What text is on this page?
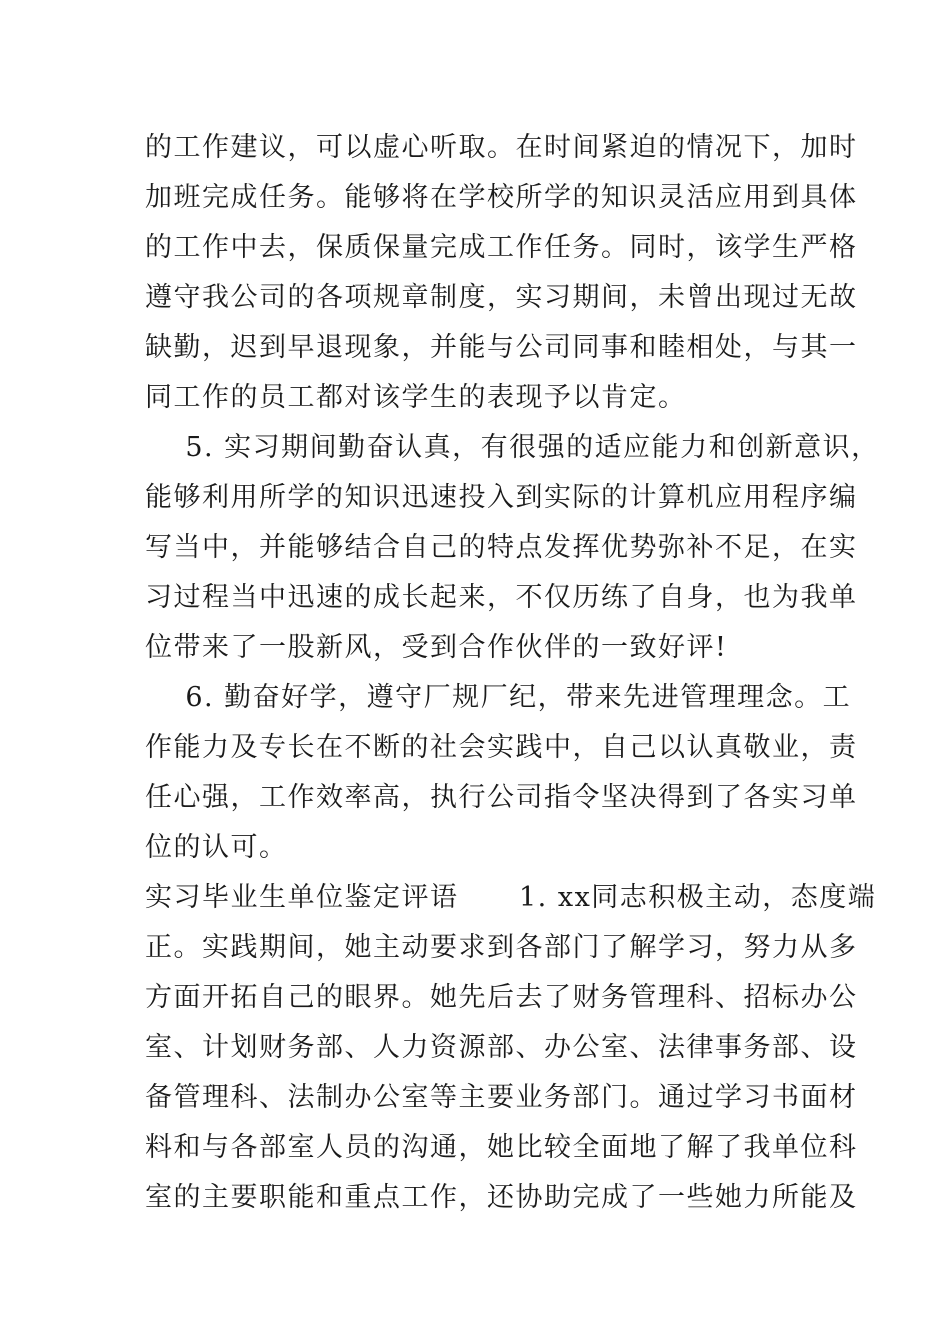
的工作建议，可以虚心听取。在时间紧迫的情况下，加时
加班完成任务。能够将在学校所学的知识灵活应用到具体
的工作中去，保质保量完成工作任务。同时，该学生严格
遵守我公司的各项规章制度，实习期间，未曾出现过无故
缺勤，迟到早退现象，并能与公司同事和睦相处，与其一
同工作的员工都对该学生的表现予以肯定。
5. 实习期间勤奋认真，有很强的适应能力和创新意识，
能够利用所学的知识迅速投入到实际的计算机应用程序编
写当中，并能够结合自己的特点发挥优势弥补不足，在实
习过程当中迅速的成长起来，不仅历练了自身，也为我单
位带来了一股新风，受到合作伙伴的一致好评!
6. 勤奋好学，遵守厂规厂纪，带来先进管理理念。工
作能力及专长在不断的社会实践中，自己以认真敬业，责
任心强，工作效率高，执行公司指令坚决得到了各实习单
位的认可。
实习毕业生单位鉴定评语      1. xx同志积极主动，态度端
正。实践期间，她主动要求到各部门了解学习，努力从多
方面开拓自己的眼界。她先后去了财务管理科、招标办公
室、计划财务部、人力资源部、办公室、法律事务部、设
备管理科、法制办公室等主要业务部门。通过学习书面材
料和与各部室人员的沟通，她比较全面地了解了我单位科
室的主要职能和重点工作，还协助完成了一些她力所能及
